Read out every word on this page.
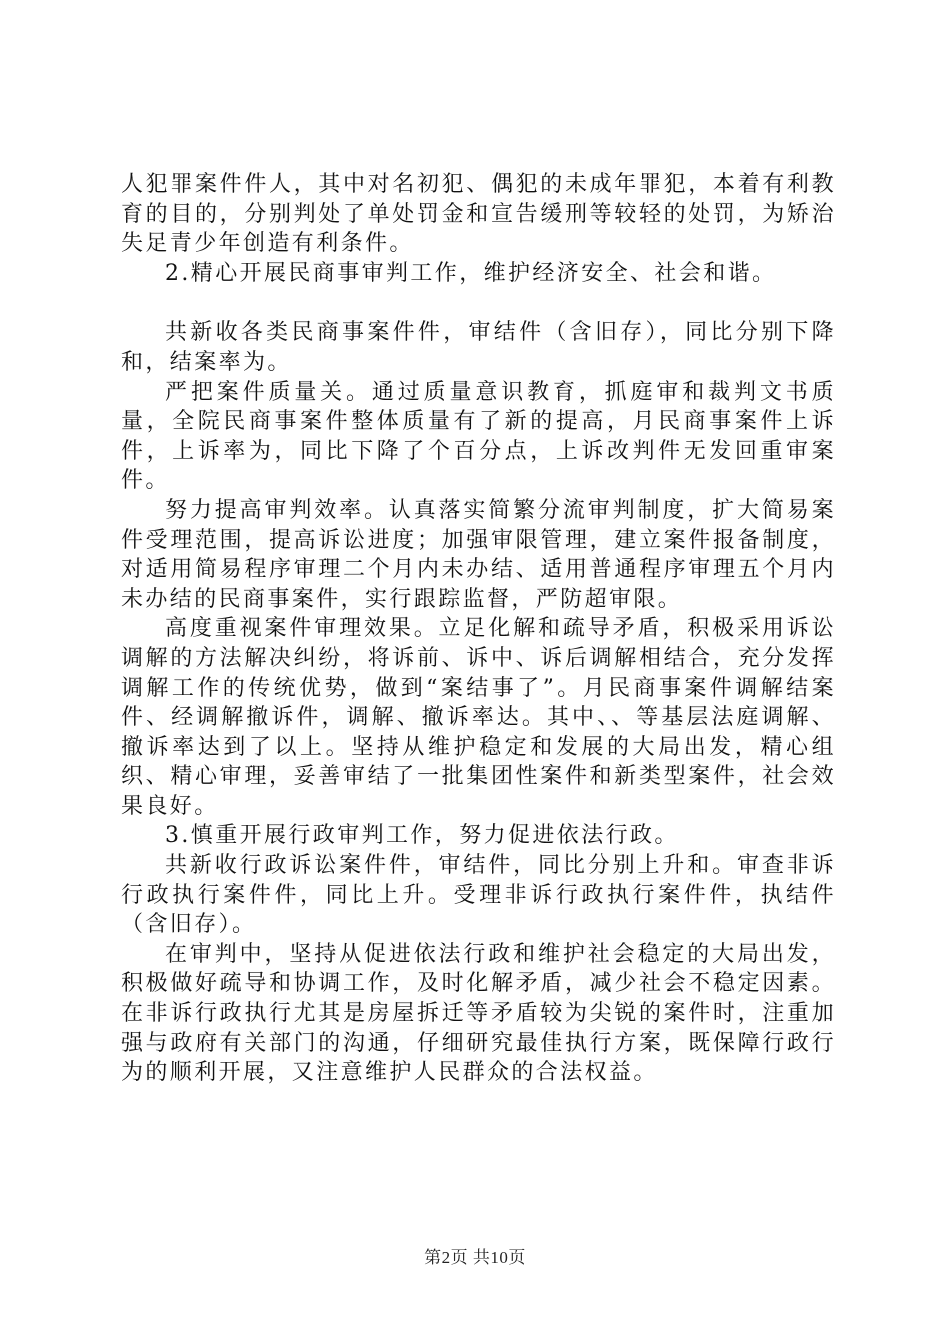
人犯罪案件件人，其中对名初犯、偶犯的未成年罪犯，本着有利教育的目的，分别判处了单处罚金和宣告缓刑等较轻的处罚，为矫治失足青少年创造有利条件。

2.精心开展民商事审判工作，维护经济安全、社会和谐。

共新收各类民商事案件件，审结件（含旧存），同比分别下降和，结案率为。

严把案件质量关。通过质量意识教育，抓庭审和裁判文书质量，全院民商事案件整体质量有了新的提高，月民商事案件上诉件，上诉率为，同比下降了个百分点，上诉改判件无发回重审案件。

努力提高审判效率。认真落实简繁分流审判制度，扩大简易案件受理范围，提高诉讼进度；加强审限管理，建立案件报备制度，对适用简易程序审理二个月内未办结、适用普通程序审理五个月内未办结的民商事案件，实行跟踪监督，严防超审限。

高度重视案件审理效果。立足化解和疏导矛盾，积极采用诉讼调解的方法解决纠纷，将诉前、诉中、诉后调解相结合，充分发挥调解工作的传统优势，做到“案结事了”。月民商事案件调解结案件、经调解撤诉件，调解、撤诉率达。其中、、等基层法庭调解、撤诉率达到了以上。坚持从维护稳定和发展的大局出发，精心组织、精心审理，妥善审结了一批集团性案件和新类型案件，社会效果良好。

3.慎重开展行政审判工作，努力促进依法行政。

共新收行政诉讼案件件，审结件，同比分别上升和。审查非诉行政执行案件件，同比上升。受理非诉行政执行案件件，执结件（含旧存）。

在审判中，坚持从促进依法行政和维护社会稳定的大局出发，积极做好疏导和协调工作，及时化解矛盾，减少社会不稳定因素。在非诉行政执行尤其是房屋拆迁等矛盾较为尖锐的案件时，注重加强与政府有关部门的沟通，仔细研究最佳执行方案，既保障行政行为的顺利开展，又注意维护人民群众的合法权益。

第2页 共10页
